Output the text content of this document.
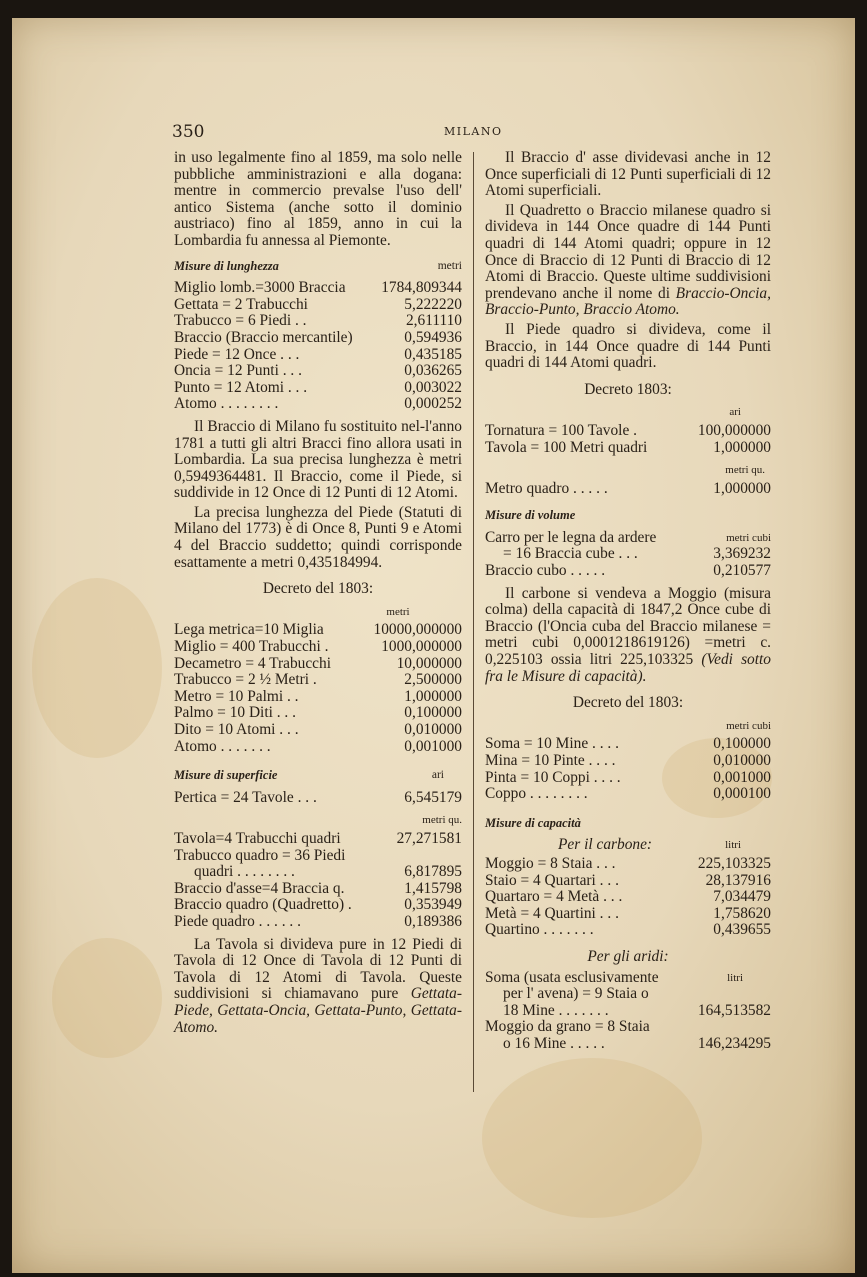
350	MILANO

in uso legalmente fino al 1859, ma solo nelle pubbliche amministrazioni e alla dogana: mentre in commercio prevalse l'uso dell' antico Sistema (anche sotto il dominio austriaco) fino al 1859, anno in cui la Lombardia fu annessa al Piemonte.

Misure di lunghezza	metri
Miglio lomb.=3000 Braccia 1784,809344
Gettata = 2 Trabucchi	5,222220
Trabucco = 6 Piedi . .	2,611110
Braccio (Braccio mercantile)	0,594936
Piede = 12 Once . . .	0,435185
Oncia = 12 Punti . . .	0,036265
Punto = 12 Atomi . . .	0,003022
Atomo . . . . . . . .	0,000252

Il Braccio di Milano fu sostituito nel-l'anno 1781 a tutti gli altri Bracci fino allora usati in Lombardia. La sua precisa lunghezza è metri 0,5949364481. Il Braccio, come il Piede, si suddivide in 12 Once di 12 Punti di 12 Atomi.

La precisa lunghezza del Piede (Statuti di Milano del 1773) è di Once 8, Punti 9 e Atomi 4 del Braccio suddetto; quindi corrisponde esattamente a metri 0,435184994.

Decreto del 1803:
metri
Lega metrica=10 Miglia	10000,000000
Miglio = 400 Trabucchi .	1000,000000
Decametro = 4 Trabucchi	10,000000
Trabucco = 2 ½ Metri .	2,500000
Metro = 10 Palmi . .	1,000000
Palmo = 10 Diti . . .	0,100000
Dito = 10 Atomi . . .	0,010000
Atomo . . . . . . .	0,001000
Misure di superficie	ari
Pertica = 24 Tavole . . .	6,545179
metri qu.
Tavola=4 Trabucchi quadri	27,271581
Trabucco quadro = 36 Piedi
quadri . . . . . . . .	6,817895
Braccio d'asse=4 Braccia q.	1,415798
Braccio quadro (Quadretto) .	0,353949
Piede quadro . . . . . .	0,189386

La Tavola si divideva pure in 12 Piedi di Tavola di 12 Once di Tavola di 12 Punti di Tavola di 12 Atomi di Tavola. Queste suddivisioni si chiamavano pure Gettata-Piede, Gettata-Oncia, Gettata-Punto, Gettata-Atomo.

Il Braccio d' asse dividevasi anche in 12 Once superficiali di 12 Punti superficiali di 12 Atomi superficiali.

Il Quadretto o Braccio milanese quadro si divideva in 144 Once quadre di 144 Punti quadri di 144 Atomi quadri; oppure in 12 Once di Braccio di 12 Punti di Braccio di 12 Atomi di Braccio. Queste ultime suddivisioni prendevano anche il nome di Braccio-Oncia, Braccio-Punto, Braccio Atomo.

Il Piede quadro si divideva, come il Braccio, in 144 Once quadre di 144 Punti quadri di 144 Atomi quadri.

Decreto 1803:
ari
Tornatura = 100 Tavole .	100,000000
Tavola = 100 Metri quadri	1,000000
metri qu.
Metro quadro . . . . .	1,000000
Misure di volume
Carro per le legna da ardere	metri cubi
= 16 Braccia cube . . .	3,369232
Braccio cubo . . . . .	0,210577

Il carbone si vendeva a Moggio (misura colma) della capacità di 1847,2 Once cube di Braccio (l'Oncia cuba del Braccio milanese = metri cubi 0,0001218619126) =metri c. 0,225103 ossia litri 225,103325 (Vedi sotto fra le Misure di capacità).

Decreto del 1803:
metri cubi
Soma = 10 Mine . . . .	0,100000
Mina = 10 Pinte . . . .	0,010000
Pinta = 10 Coppi . . . .	0,001000
Coppo . . . . . . . .	0,000100
Misure di capacità
Per il carbone:	litri
Moggio = 8 Staia . . .	225,103325
Staio = 4 Quartari . . .	28,137916
Quartaro = 4 Metà . . .	7,034479
Metà = 4 Quartini . . .	1,758620
Quartino . . . . . . .	0,439655
Per gli aridi:
Soma (usata esclusivamente	litri
per l' avena) = 9 Staia o
18 Mine . . . . . . .	164,513582
Moggio da grano = 8 Staia
o 16 Mine . . . . .	146,234295
